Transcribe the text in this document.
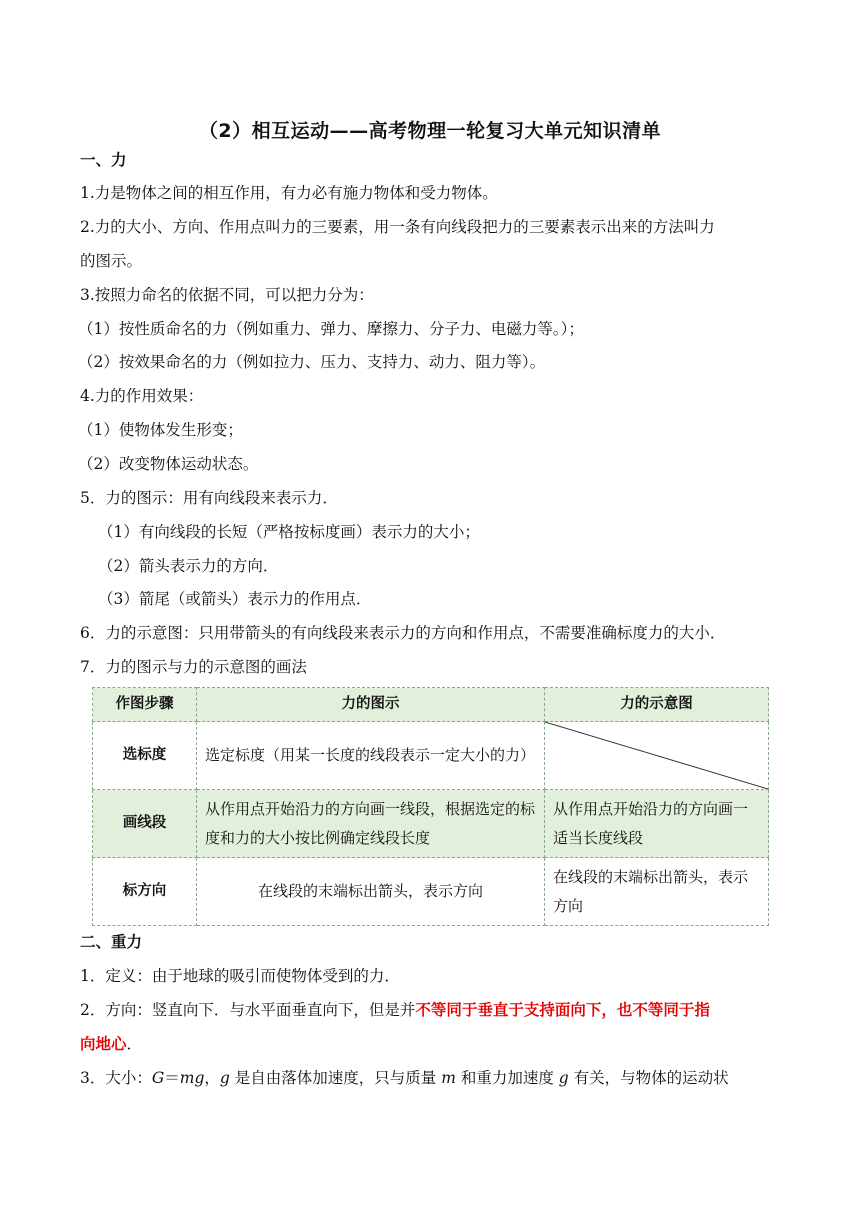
（2）相互运动——高考物理一轮复习大单元知识清单
一、力
1.力是物体之间的相互作用，有力必有施力物体和受力物体。
2.力的大小、方向、作用点叫力的三要素，用一条有向线段把力的三要素表示出来的方法叫力
的图示。
3.按照力命名的依据不同，可以把力分为：
（1）按性质命名的力（例如重力、弹力、摩擦力、分子力、电磁力等。）；
（2）按效果命名的力（例如拉力、压力、支持力、动力、阻力等）。
4.力的作用效果：
（1）使物体发生形变；
（2）改变物体运动状态。
5．力的图示：用有向线段来表示力．
（1）有向线段的长短（严格按标度画）表示力的大小；
（2）箭头表示力的方向．
（3）箭尾（或箭头）表示力的作用点．
6．力的示意图：只用带箭头的有向线段来表示力的方向和作用点，不需要准确标度力的大小．
7．力的图示与力的示意图的画法
作图步骤	力的图示	力的示意图
选标度	选定标度（用某一长度的线段表示一定大小的力）	

画线段	从作用点开始沿力的方向画一线段，根据选定的标度和力的大小按比例确定线段长度	从作用点开始沿力的方向画一适当长度线段
标方向	在线段的末端标出箭头，表示方向	在线段的末端标出箭头，表示方向
二、重力
1．定义：由于地球的吸引而使物体受到的力．
2．方向：竖直向下．与水平面垂直向下，但是并不等同于垂直于支持面向下，也不等同于指
向地心．
3．大小：G＝mg，g 是自由落体加速度，只与质量 m 和重力加速度 g 有关，与物体的运动状
